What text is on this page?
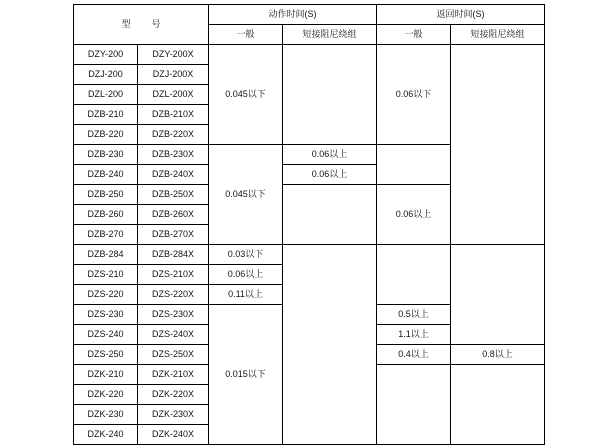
型　号		动作时间(S)		返回时间(S)	
		一般	短接阻尼绕组	一般	短接阻尼绕组
DZY-200	DZY-200X	0.045以下		0.06以下	
DZJ-200	DZJ-200X				
DZL-200	DZL-200X				
DZB-210	DZB-210X				
DZB-220	DZB-220X				
DZB-230	DZB-230X	0.045以下	0.06以上		
DZB-240	DZB-240X		0.06以上		
DZB-250	DZB-250X			0.06以上	
DZB-260	DZB-260X				
DZB-270	DZB-270X				
DZB-284	DZB-284X	0.03以下			
DZS-210	DZS-210X	0.06以上			
DZS-220	DZS-220X	0.11以上			
DZS-230	DZS-230X	0.015以下		0.5以上	
DZS-240	DZS-240X			1.1以上	
DZS-250	DZS-250X			0.4以上	0.8以上
DZK-210	DZK-210X				
DZK-220	DZK-220X				
DZK-230	DZK-230X				
DZK-240	DZK-240X				
